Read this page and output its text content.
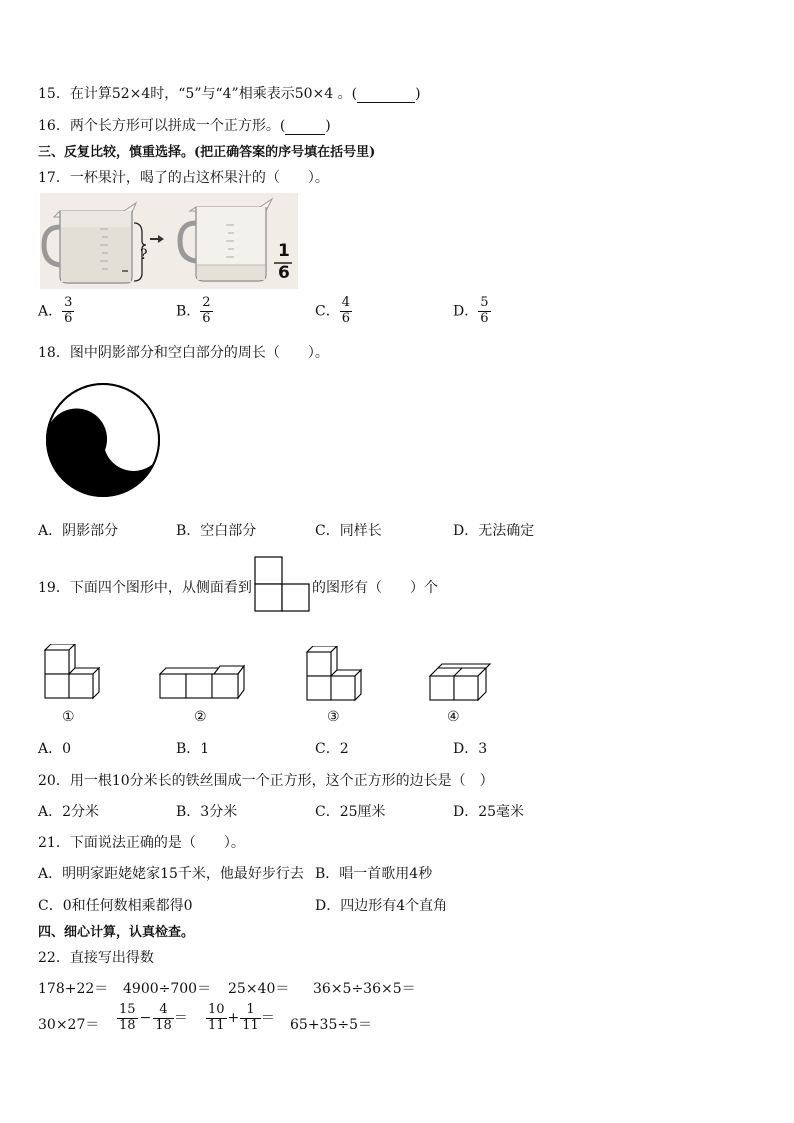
15．在计算52×4时，“5”与“4”相乘表示50×4 。(	)
16．两个长方形可以拼成一个正方形。(	)
三、反复比较，慎重选择。(把正确答案的序号填在括号里)
17．一杯果汁，喝了的占这杯果汁的（　　）。
?	1
6
A． $\frac{3}{6}$	B． $\frac{2}{6}$	C． $\frac{4}{6}$	D． $\frac{5}{6}$
18．图中阴影部分和空白部分的周长（　　）。
A．阴影部分	B．空白部分	C．同样长	D．无法确定
19．下面四个图形中，从侧面看到	的图形有（　　）个
①	②	③	④
A．0	B．1	C．2	D．3
20．用一根10分米长的铁丝围成一个正方形，这个正方形的边长是（　）
A．2分米	B．3分米	C．25厘米	D．25毫米
21．下面说法正确的是（　　）。
A．明明家距姥姥家15千米，他最好步行去 B．唱一首歌用4秒
C．0和任何数相乘都得0	D．四边形有4个直角
四、细心计算，认真检查。
22．直接写出得数
178+22＝ 4900÷700＝ 25×40＝ 36×5÷36×5＝
$30\times 27= \frac{15}{18} - \frac{4}{18} = \frac{10}{11} + \frac{1}{11} = 65+35\div 5=$
